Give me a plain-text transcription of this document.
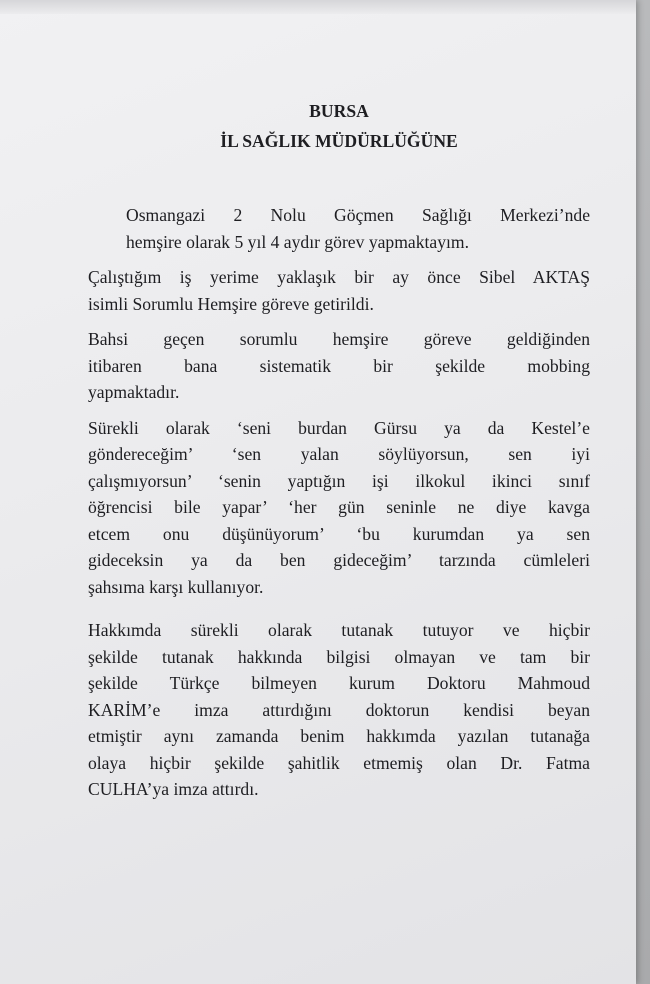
BURSA

İL SAĞLIK MÜDÜRLÜĞÜNE

Osmangazi 2 Nolu Göçmen Sağlığı Merkezi’nde
hemşire olarak 5 yıl 4 aydır görev yapmaktayım.

Çalıştığım iş yerime yaklaşık bir ay önce Sibel AKTAŞ
isimli Sorumlu Hemşire göreve getirildi.

Bahsi geçen sorumlu hemşire göreve geldiğinden
itibaren bana sistematik bir şekilde mobbing
yapmaktadır.

Sürekli olarak ‘seni burdan Gürsu ya da Kestel’e
göndereceğim’ ‘sen yalan söylüyorsun, sen iyi
çalışmıyorsun’ ‘senin yaptığın işi ilkokul ikinci sınıf
öğrencisi bile yapar’ ‘her gün seninle ne diye kavga
etcem onu düşünüyorum’ ‘bu kurumdan ya sen
gideceksin ya da ben gideceğim’ tarzında cümleleri
şahsıma karşı kullanıyor.

Hakkımda sürekli olarak tutanak tutuyor ve hiçbir
şekilde tutanak hakkında bilgisi olmayan ve tam bir
şekilde Türkçe bilmeyen kurum Doktoru Mahmoud
KARİM’e imza attırdığını doktorun kendisi beyan
etmiştir aynı zamanda benim hakkımda yazılan tutanağa
olaya hiçbir şekilde şahitlik etmemiş olan Dr. Fatma
CULHA’ya imza attırdı.
